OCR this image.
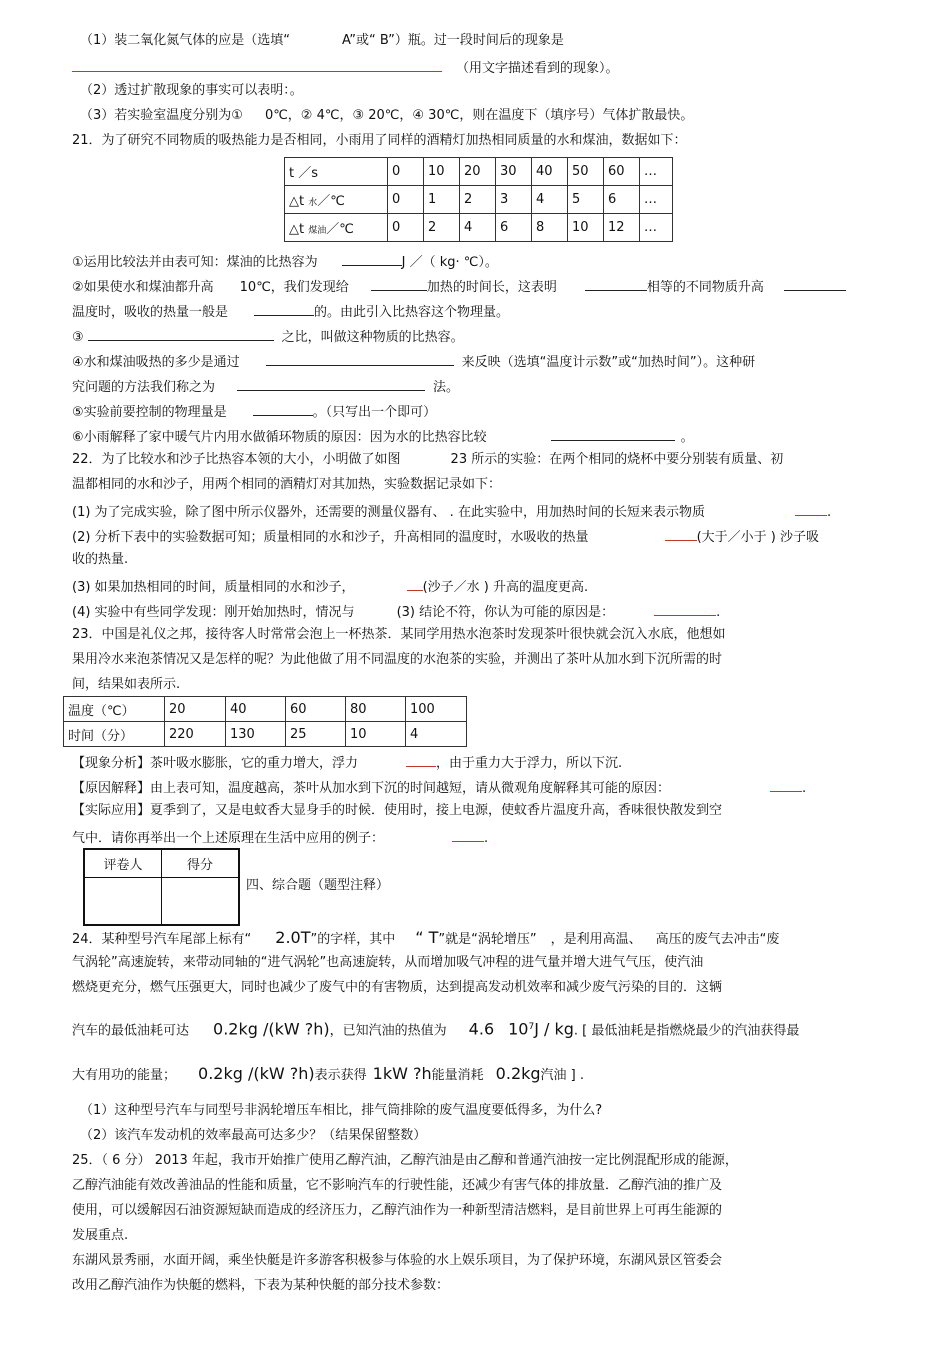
（1）装二氧化氮气体的应是（选填“	A”或“ B”）瓶。过一段时间后的现象是
（用文字描述看到的现象）。
（2）透过扩散现象的事实可以表明：。
（3）若实验室温度分别为① 0℃，② 4℃，③ 20℃，④ 30℃，则在温度下（填序号）气体扩散最快。
21．为了研究不同物质的吸热能力是否相同，小雨用了同样的酒精灯加热相同质量的水和煤油，数据如下：
t ／s	0	10	20	30	40	50	60	…
△t 水／℃	0	1	2	3	4	5	6	…
△t 煤油／℃	0	2	4	6	8	10	12	…
①运用比较法并由表可知：煤油的比热容为	J ／（ kg· ℃）。
②如果使水和煤油都升高 10℃，我们发现给	加热的时间长，这表明	相等的不同物质升高
温度时，吸收的热量一般是	的。由此引入比热容这个物理量。
③	之比，叫做这种物质的比热容。
④水和煤油吸热的多少是通过	来反映（选填“温度计示数”或“加热时间”）。这种研
究问题的方法我们称之为	法。
⑤实验前要控制的物理量是	。（只写出一个即可）
⑥小雨解释了家中暖气片内用水做循环物质的原因：因为水的比热容比较	。
22．为了比较水和沙子比热容本领的大小，小明做了如图	23 所示的实验：在两个相同的烧杯中要分别装有质量、初
温都相同的水和沙子，用两个相同的酒精灯对其加热，实验数据记录如下：
(1) 为了完成实验，除了图中所示仪器外，还需要的测量仪器有、 . 在此实验中，用加热时间的长短来表示物质	.
(2) 分析下表中的实验数据可知；质量相同的水和沙子，升高相同的温度时，水吸收的热量	(大于／小于 ) 沙子吸
收的热量.
(3) 如果加热相同的时间，质量相同的水和沙子，	(沙子／水 ) 升高的温度更高.
(4) 实验中有些同学发现：刚开始加热时，情况与	(3) 结论不符，你认为可能的原因是：	.
23．中国是礼仪之邦，接待客人时常常会泡上一杯热茶．某同学用热水泡茶时发现茶叶很快就会沉入水底，他想如
果用冷水来泡茶情况又是怎样的呢？为此他做了用不同温度的水泡茶的实验，并测出了茶叶从加水到下沉所需的时
间，结果如表所示.
温度（℃）	20	40	60	80	100
时间（分）	220	130	25	10	4
【现象分析】茶叶吸水膨胀，它的重力增大，浮力	，由于重力大于浮力，所以下沉.
【原因解释】由上表可知，温度越高，茶叶从加水到下沉的时间越短，请从微观角度解释其可能的原因：	.
【实际应用】夏季到了，又是电蚊香大显身手的时候．使用时，接上电源，使蚊香片温度升高，香味很快散发到空
气中．请你再举出一个上述原理在生活中应用的例子：	.
评卷人	得分

四、综合题（题型注释）
24．某种型号汽车尾部上标有“ 2.0T”的字样，其中 “ T”就是“涡轮增压” ，是利用高温、 高压的废气去冲击“废
气涡轮”高速旋转，来带动同轴的“进气涡轮”也高速旋转，从而增加吸气冲程的进气量并增大进气气压，使汽油
燃烧更充分，燃气压强更大，同时也减少了废气中的有害物质，达到提高发动机效率和减少废气污染的目的．这辆
汽车的最低油耗可达 0.2kg /(kW ?h)，已知汽油的热值为 4.6 $10^7J$ / kg. [ 最低油耗是指燃烧最少的汽油获得最
大有用功的能量； 0.2kg /(kW ?h)表示获得 1kW ?h能量消耗 0.2kg汽油 ] .
（1）这种型号汽车与同型号非涡轮增压车相比，排气筒排除的废气温度要低得多，为什么?
（2）该汽车发动机的效率最高可达多少？（结果保留整数）
25．（ 6 分） 2013 年起，我市开始推广使用乙醇汽油，乙醇汽油是由乙醇和普通汽油按一定比例混配形成的能源，
乙醇汽油能有效改善油品的性能和质量，它不影响汽车的行驶性能，还减少有害气体的排放量．乙醇汽油的推广及
使用，可以缓解因石油资源短缺而造成的经济压力，乙醇汽油作为一种新型清洁燃料，是目前世界上可再生能源的
发展重点.
东湖风景秀丽，水面开阔，乘坐快艇是许多游客积极参与体验的水上娱乐项目，为了保护环境，东湖风景区管委会
改用乙醇汽油作为快艇的燃料，下表为某种快艇的部分技术参数：
